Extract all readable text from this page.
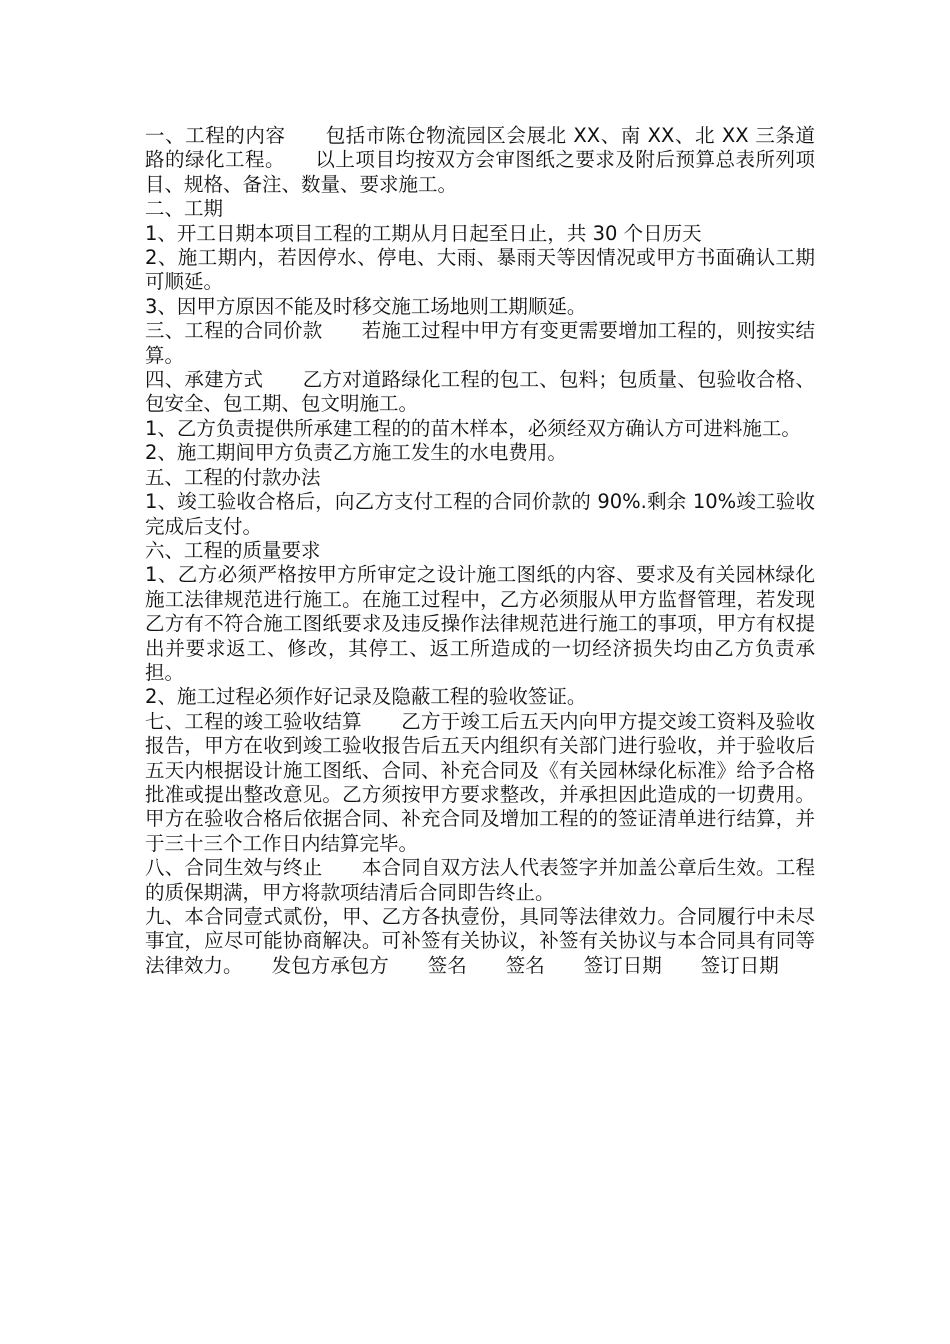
一、工程的内容　　包括市陈仓物流园区会展北 XX、南 XX、北 XX 三条道路的绿化工程。　　以上项目均按双方会审图纸之要求及附后预算总表所列项目、规格、备注、数量、要求施工。

二、工期

1、开工日期本项目工程的工期从月日起至日止，共 30 个日历天

2、施工期内，若因停水、停电、大雨、暴雨天等因情况或甲方书面确认工期可顺延。

3、因甲方原因不能及时移交施工场地则工期顺延。

三、工程的合同价款　　若施工过程中甲方有变更需要增加工程的，则按实结算。

四、承建方式　　乙方对道路绿化工程的包工、包料；包质量、包验收合格、包安全、包工期、包文明施工。

1、乙方负责提供所承建工程的的苗木样本，必须经双方确认方可进料施工。

2、施工期间甲方负责乙方施工发生的水电费用。

五、工程的付款办法

1、竣工验收合格后，向乙方支付工程的合同价款的 90%.剩余 10%竣工验收完成后支付。

六、工程的质量要求

1、乙方必须严格按甲方所审定之设计施工图纸的内容、要求及有关园林绿化施工法律规范进行施工。在施工过程中，乙方必须服从甲方监督管理，若发现乙方有不符合施工图纸要求及违反操作法律规范进行施工的事项，甲方有权提出并要求返工、修改，其停工、返工所造成的一切经济损失均由乙方负责承担。

2、施工过程必须作好记录及隐蔽工程的验收签证。

七、工程的竣工验收结算　　乙方于竣工后五天内向甲方提交竣工资料及验收报告，甲方在收到竣工验收报告后五天内组织有关部门进行验收，并于验收后五天内根据设计施工图纸、合同、补充合同及《有关园林绿化标准》给予合格批准或提出整改意见。乙方须按甲方要求整改，并承担因此造成的一切费用。甲方在验收合格后依据合同、补充合同及增加工程的的签证清单进行结算，并于三十三个工作日内结算完毕。

八、合同生效与终止　　本合同自双方法人代表签字并加盖公章后生效。工程的质保期满，甲方将款项结清后合同即告终止。

九、本合同壹式贰份，甲、乙方各执壹份，具同等法律效力。合同履行中未尽事宜，应尽可能协商解决。可补签有关协议，补签有关协议与本合同具有同等法律效力。　　发包方承包方　　签名　　签名　　签订日期　　签订日期
